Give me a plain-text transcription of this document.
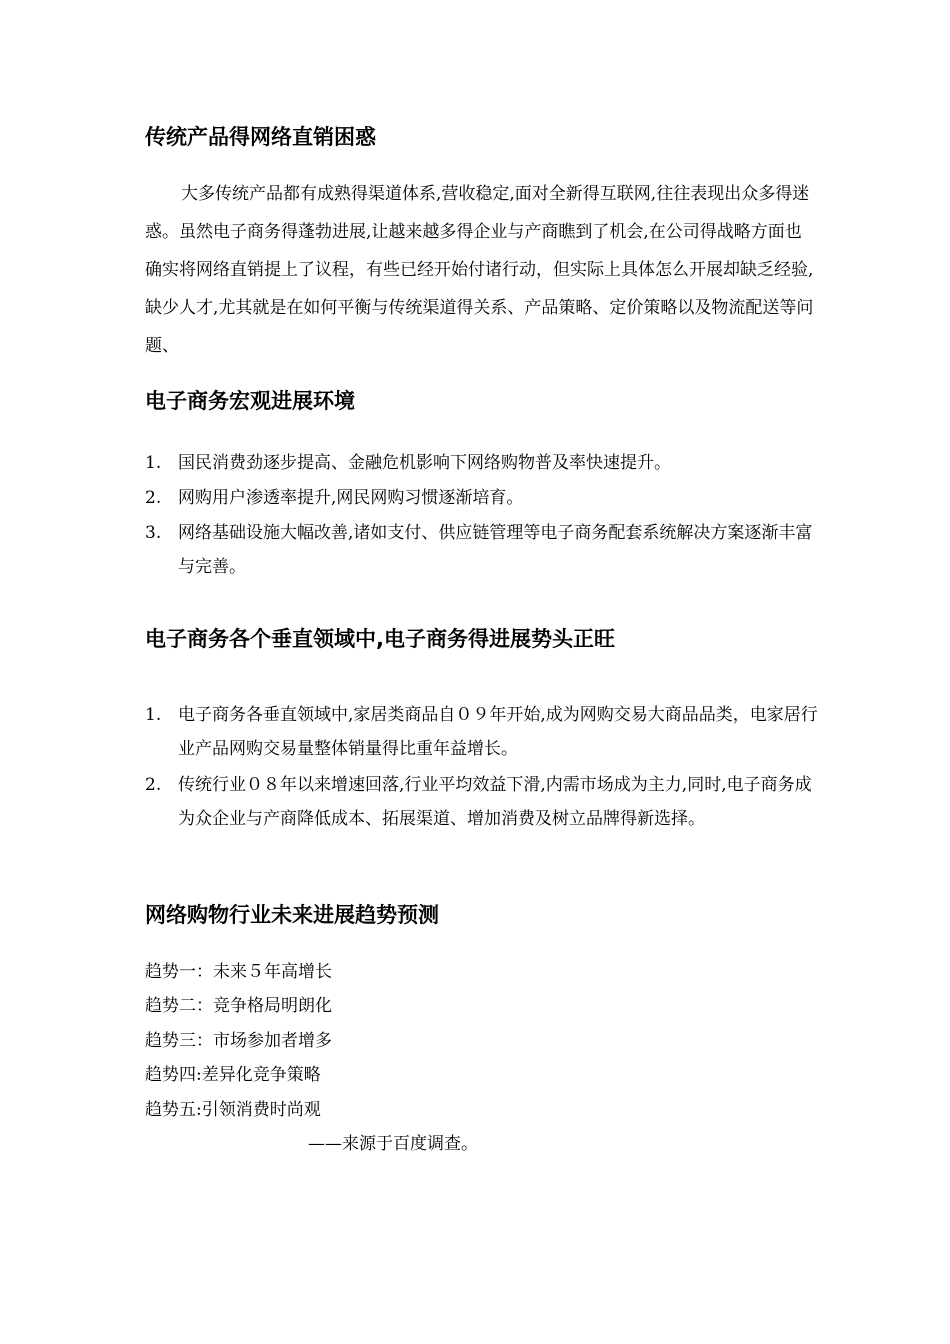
传统产品得网络直销困惑
大多传统产品都有成熟得渠道体系,营收稳定,面对全新得互联网,往往表现出众多得迷惑。虽然电子商务得蓬勃进展,让越来越多得企业与产商瞧到了机会,在公司得战略方面也确实将网络直销提上了议程，有些已经开始付诸行动，但实际上具体怎么开展却缺乏经验,缺少人才,尤其就是在如何平衡与传统渠道得关系、产品策略、定价策略以及物流配送等问题、
电子商务宏观进展环境
1. 国民消费劲逐步提高、金融危机影响下网络购物普及率快速提升。
2. 网购用户渗透率提升,网民网购习惯逐渐培育。
3. 网络基础设施大幅改善,诸如支付、供应链管理等电子商务配套系统解决方案逐渐丰富与完善。
电子商务各个垂直领域中,电子商务得进展势头正旺
1. 电子商务各垂直领域中,家居类商品自０９年开始,成为网购交易大商品品类，电家居行业产品网购交易量整体销量得比重年益增长。
2. 传统行业０８年以来增速回落,行业平均效益下滑,内需市场成为主力,同时,电子商务成为众企业与产商降低成本、拓展渠道、增加消费及树立品牌得新选择。
网络购物行业未来进展趋势预测
趋势一：未来５年高增长
趋势二：竞争格局明朗化
趋势三：市场参加者增多
趋势四:差异化竞争策略
趋势五:引领消费时尚观
——来源于百度调查。
